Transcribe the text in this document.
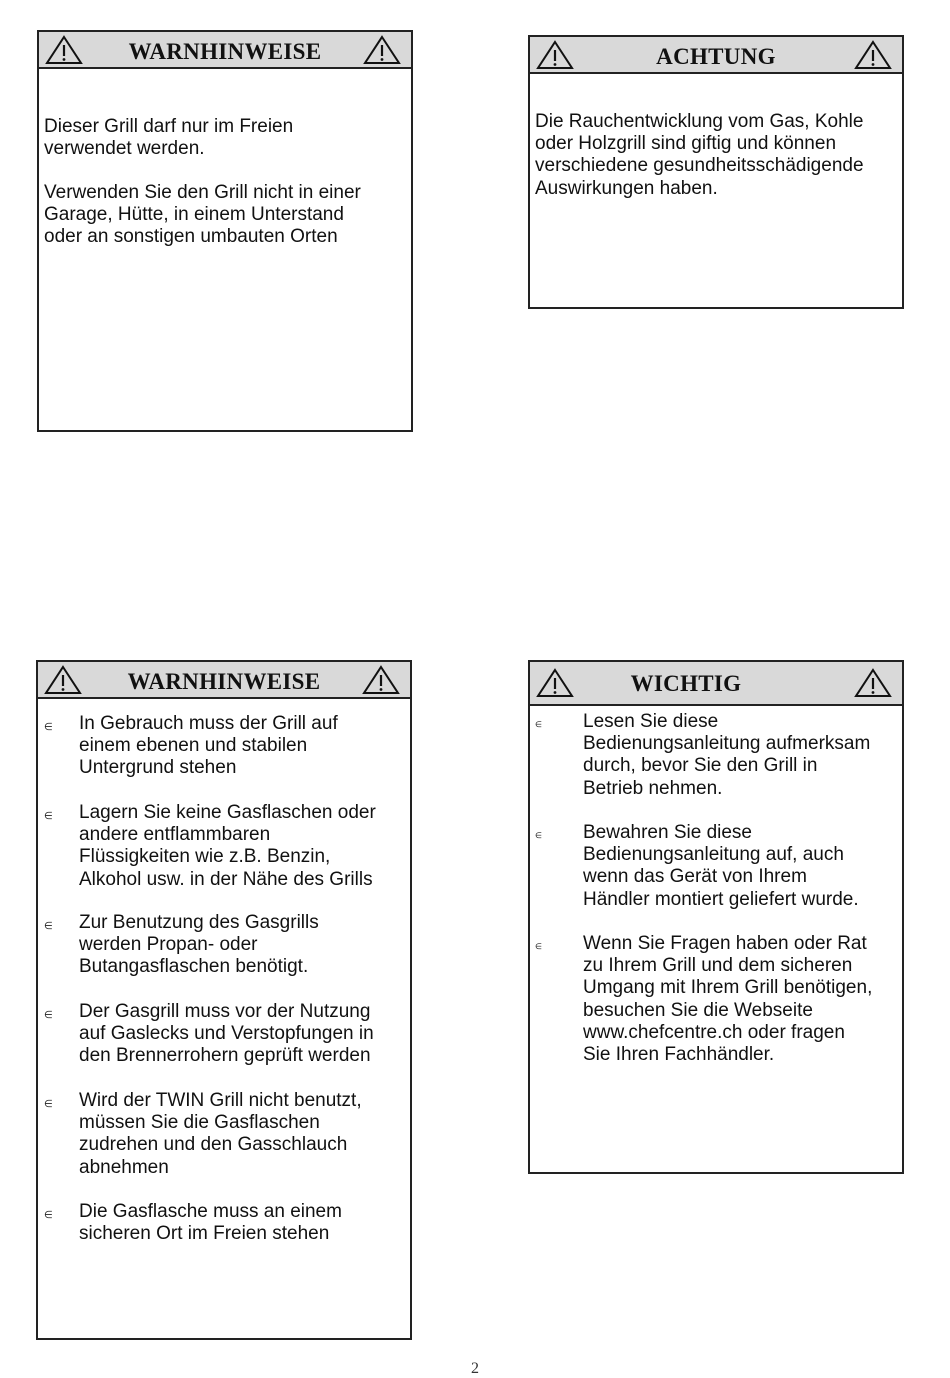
WARNHINWEISE

Dieser Grill darf nur im Freien
verwendet werden.

Verwenden Sie den Grill nicht in einer
Garage, Hütte, in einem Unterstand
oder an sonstigen umbauten Orten

ACHTUNG

Die Rauchentwicklung vom Gas, Kohle
oder Holzgrill sind giftig und können
verschiedene gesundheitsschädigende
Auswirkungen haben.

WARNHINWEISE
∈ In Gebrauch muss der Grill auf
einem ebenen und stabilen
Untergrund stehen
∈ Lagern Sie keine Gasflaschen oder
andere entflammbaren
Flüssigkeiten wie z.B. Benzin,
Alkohol usw. in der Nähe des Grills
∈ Zur Benutzung des Gasgrills
werden Propan- oder
Butangasflaschen benötigt.
∈ Der Gasgrill muss vor der Nutzung
auf Gaslecks und Verstopfungen in
den Brennerrohern geprüft werden
∈ Wird der TWIN Grill nicht benutzt,
müssen Sie die Gasflaschen
zudrehen und den Gasschlauch
abnehmen
∈ Die Gasflasche muss an einem
sicheren Ort im Freien stehen
WICHTIG
∈ Lesen Sie diese
Bedienungsanleitung aufmerksam
durch, bevor Sie den Grill in
Betrieb nehmen.
∈ Bewahren Sie diese
Bedienungsanleitung auf, auch
wenn das Gerät von Ihrem
Händler montiert geliefert wurde.
∈ Wenn Sie Fragen haben oder Rat
zu Ihrem Grill und dem sicheren
Umgang mit Ihrem Grill benötigen,
besuchen Sie die Webseite
www.chefcentre.ch oder fragen
Sie Ihren Fachhändler.
2
